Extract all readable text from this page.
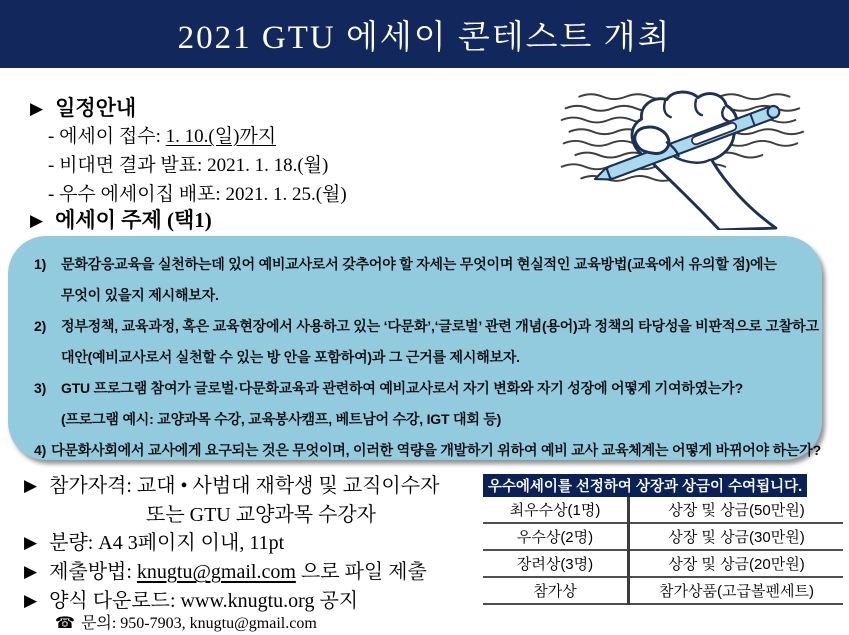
2021 GTU 에세이 콘테스트 개최
▶ 일정안내
- 에세이 접수: 1. 10.(일)까지
- 비대면 결과 발표: 2021. 1. 18.(월)
- 우수 에세이집 배포: 2021. 1. 25.(월)
▶ 에세이 주제 (택1)
1) 문화감응교육을 실천하는데 있어 예비교사로서 갖추어야 할 자세는 무엇이며 현실적인 교육방법(교육에서 유의할 점)에는
무엇이 있을지 제시해보자.
2) 정부정책, 교육과정, 혹은 교육현장에서 사용하고 있는 ‘다문화’,‘글로벌’ 관련 개념(용어)과 정책의 타당성을 비판적으로 고찰하고
대안(예비교사로서 실천할 수 있는 방 안을 포함하여)과 그 근거를 제시해보자.
3) GTU 프로그램 참여가 글로벌·다문화교육과 관련하여 예비교사로서 자기 변화와 자기 성장에 어떻게 기여하였는가?
(프로그램 예시: 교양과목 수강, 교육봉사캠프, 베트남어 수강, IGT 대회 등)
4) 다문화사회에서 교사에게 요구되는 것은 무엇이며, 이러한 역량을 개발하기 위하여 예비 교사 교육체계는 어떻게 바뀌어야 하는가?
▶ 참가자격: 교대 • 사범대 재학생 및 교직이수자
또는 GTU 교양과목 수강자
▶ 분량: A4 3페이지 이내, 11pt
▶ 제출방법: knugtu@gmail.com 으로 파일 제출
▶ 양식 다운로드: www.knugtu.org 공지
☎ 문의: 950-7903, knugtu@gmail.com
우수에세이를 선정하여 상장과 상금이 수여됩니다.
최우수상(1명)	상장 및 상금(50만원)
우수상(2명)	상장 및 상금(30만원)
장려상(3명)	상장 및 상금(20만원)
참가상	참가상품(고급볼펜세트)
